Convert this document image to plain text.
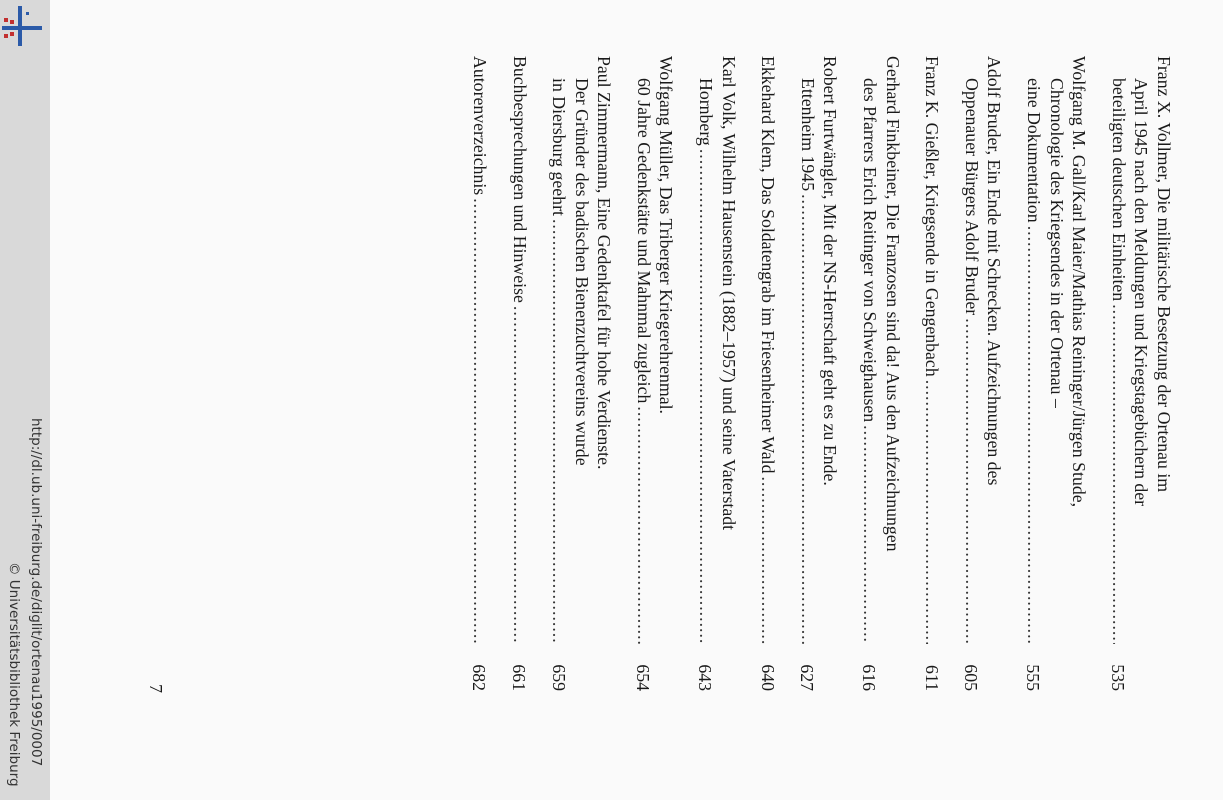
http://dl.ub.uni-freiburg.de/diglit/ortenau1995/0007
© Universitätsbibliothek Freiburg
Franz X. Vollmer, Die militärische Besetzung der Ortenau im
April 1945 nach den Meldungen und Kriegstagebüchern der
beteiligten deutschen Einheiten
.....
535
Wolfgang M. Gall/Karl Maier/Mathias Reininger/Jürgen Stude,
Chronologie des Kriegsendes in der Ortenau –
eine Dokumentation
.....
555
Adolf Bruder, Ein Ende mit Schrecken. Aufzeichnungen des
Oppenauer Bürgers Adolf Bruder
.....
605
Franz K. Gießler, Kriegsende in Gengenbach
.....
611
Gerhard Finkbeiner, Die Franzosen sind da! Aus den Aufzeichnungen
des Pfarrers Erich Reitinger von Schweighausen
.....
616
Robert Furtwängler, Mit der NS-Herrschaft geht es zu Ende.
Ettenheim 1945
.....
627
Ekkehard Klem, Das Soldatengrab im Friesenheimer Wald
.....
640
Karl Volk, Wilhelm Hausenstein (1882–1957) und seine Vaterstadt
Hornberg
.....
643
Wolfgang Müller, Das Triberger Kriegerehrenmal.
60 Jahre Gedenkstätte und Mahnmal zugleich
.....
654
Paul Zimmermann, Eine Gedenktafel für hohe Verdienste.
Der Gründer des badischen Bienenzuchtvereins wurde
in Diersburg geehrt
.....
659
Buchbesprechungen und Hinweise
.....
661
Autorenverzeichnis
.....
682
7
